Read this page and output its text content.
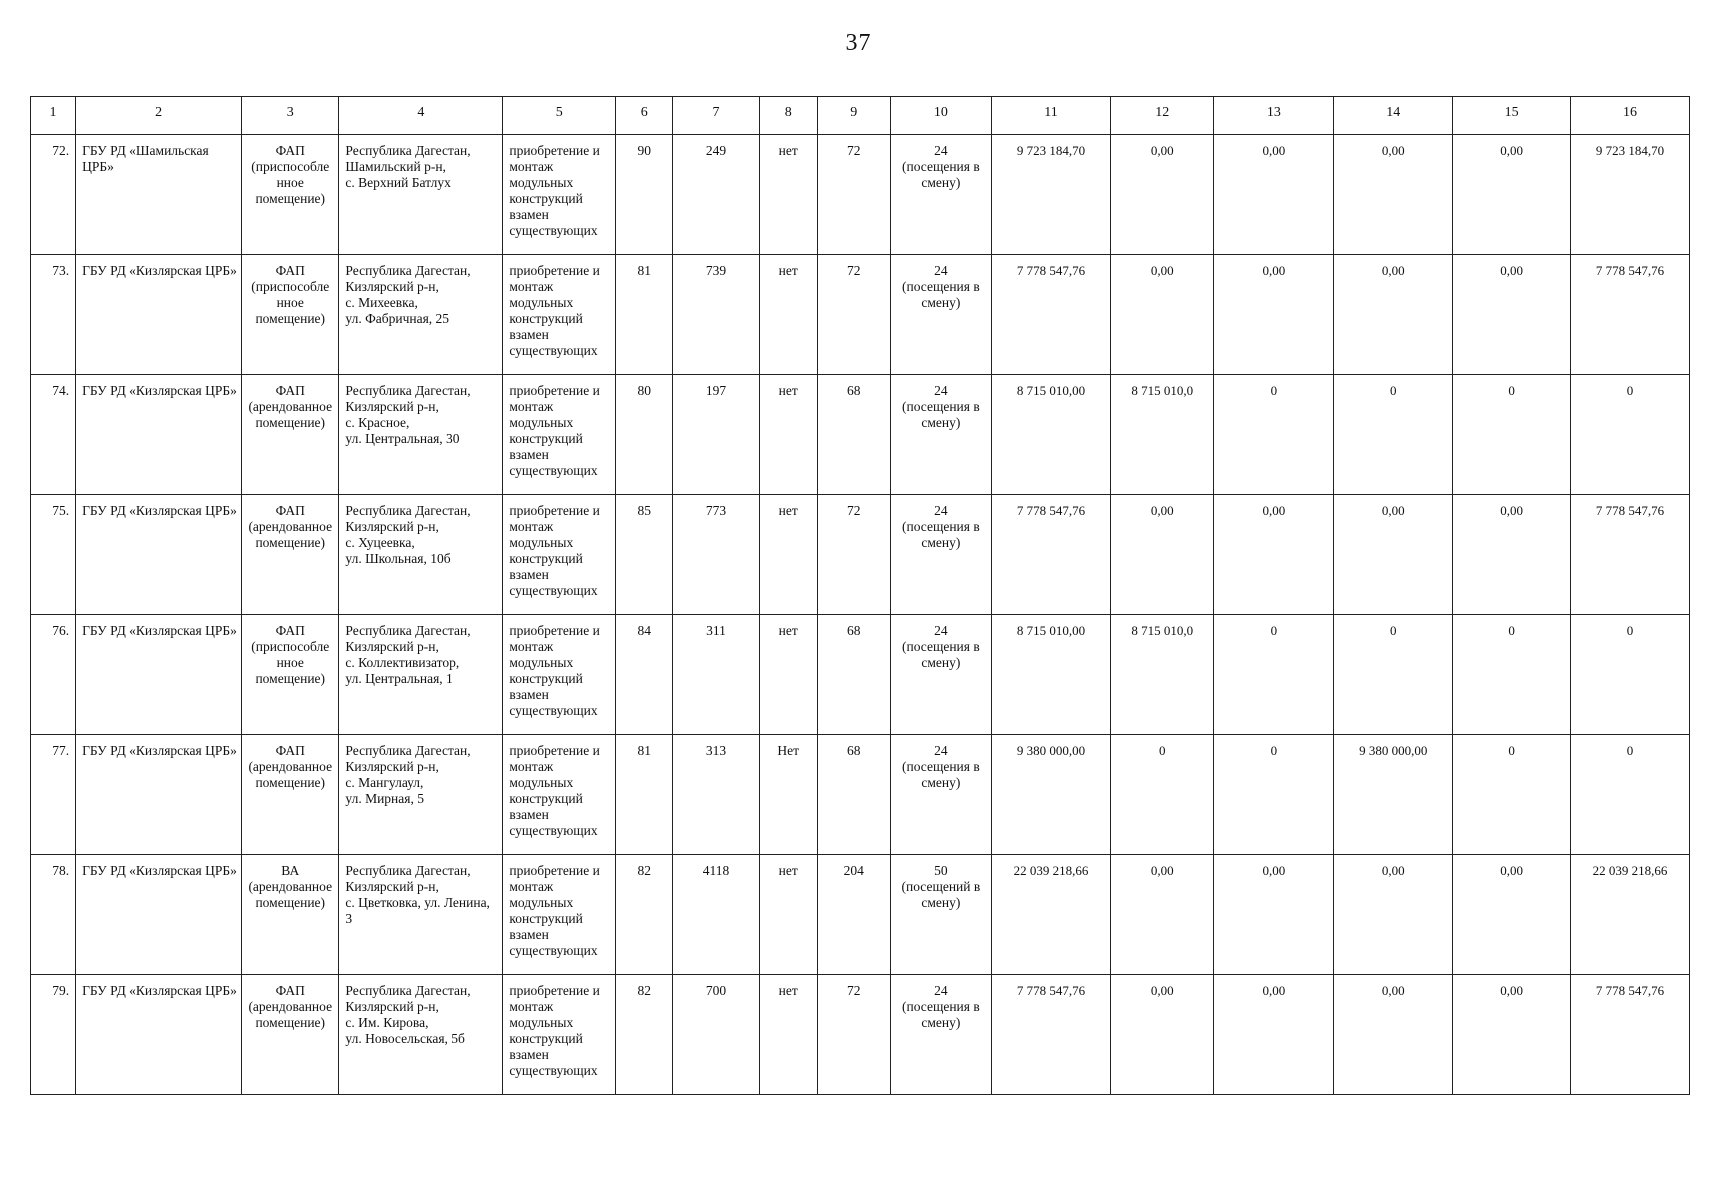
37
1	2	3	4	5	6	7	8	9	10	11	12	13	14	15	16
72.	ГБУ РД «Шамильская ЦРБ»	ФАП
(приспособле
нное
помещение)	Республика Дагестан,
Шамильский р-н,
с. Верхний Батлух	приобретение и монтаж модульных конструкций взамен существующих	90	249	нет	72	24
(посещения в
смену)	9 723 184,70	0,00	0,00	0,00	0,00	9 723 184,70
73.	ГБУ РД «Кизлярская ЦРБ»	ФАП
(приспособле
нное
помещение)	Республика Дагестан,
Кизлярский р-н,
с. Михеевка,
ул. Фабричная, 25	приобретение и монтаж модульных конструкций взамен существующих	81	739	нет	72	24
(посещения в
смену)	7 778 547,76	0,00	0,00	0,00	0,00	7 778 547,76
74.	ГБУ РД «Кизлярская ЦРБ»	ФАП
(арендованное
помещение)	Республика Дагестан,
Кизлярский р-н,
с. Красное,
ул. Центральная, 30	приобретение и монтаж модульных конструкций взамен существующих	80	197	нет	68	24
(посещения в
смену)	8 715 010,00	8 715 010,0	0	0	0	0
75.	ГБУ РД «Кизлярская ЦРБ»	ФАП
(арендованное
помещение)	Республика Дагестан,
Кизлярский р-н,
с. Хуцеевка,
ул. Школьная, 10б	приобретение и монтаж модульных конструкций взамен существующих	85	773	нет	72	24
(посещения в
смену)	7 778 547,76	0,00	0,00	0,00	0,00	7 778 547,76
76.	ГБУ РД «Кизлярская ЦРБ»	ФАП
(приспособле
нное
помещение)	Республика Дагестан,
Кизлярский р-н,
с. Коллективизатор,
ул. Центральная, 1	приобретение и монтаж модульных конструкций взамен существующих	84	311	нет	68	24
(посещения в
смену)	8 715 010,00	8 715 010,0	0	0	0	0
77.	ГБУ РД «Кизлярская ЦРБ»	ФАП
(арендованное
помещение)	Республика Дагестан,
Кизлярский р-н,
с. Мангулаул,
ул. Мирная, 5	приобретение и монтаж модульных конструкций взамен существующих	81	313	Нет	68	24
(посещения в
смену)	9 380 000,00	0	0	9 380 000,00	0	0
78.	ГБУ РД «Кизлярская ЦРБ»	ВА
(арендованное
помещение)	Республика Дагестан,
Кизлярский р-н,
с. Цветковка, ул. Ленина,
3	приобретение и монтаж модульных конструкций взамен существующих	82	4118	нет	204	50
(посещений в
смену)	22 039 218,66	0,00	0,00	0,00	0,00	22 039 218,66
79.	ГБУ РД «Кизлярская ЦРБ»	ФАП
(арендованное
помещение)	Республика Дагестан,
Кизлярский р-н,
с. Им. Кирова,
ул. Новосельская, 5б	приобретение и монтаж модульных конструкций взамен существующих	82	700	нет	72	24
(посещения в
смену)	7 778 547,76	0,00	0,00	0,00	0,00	7 778 547,76
